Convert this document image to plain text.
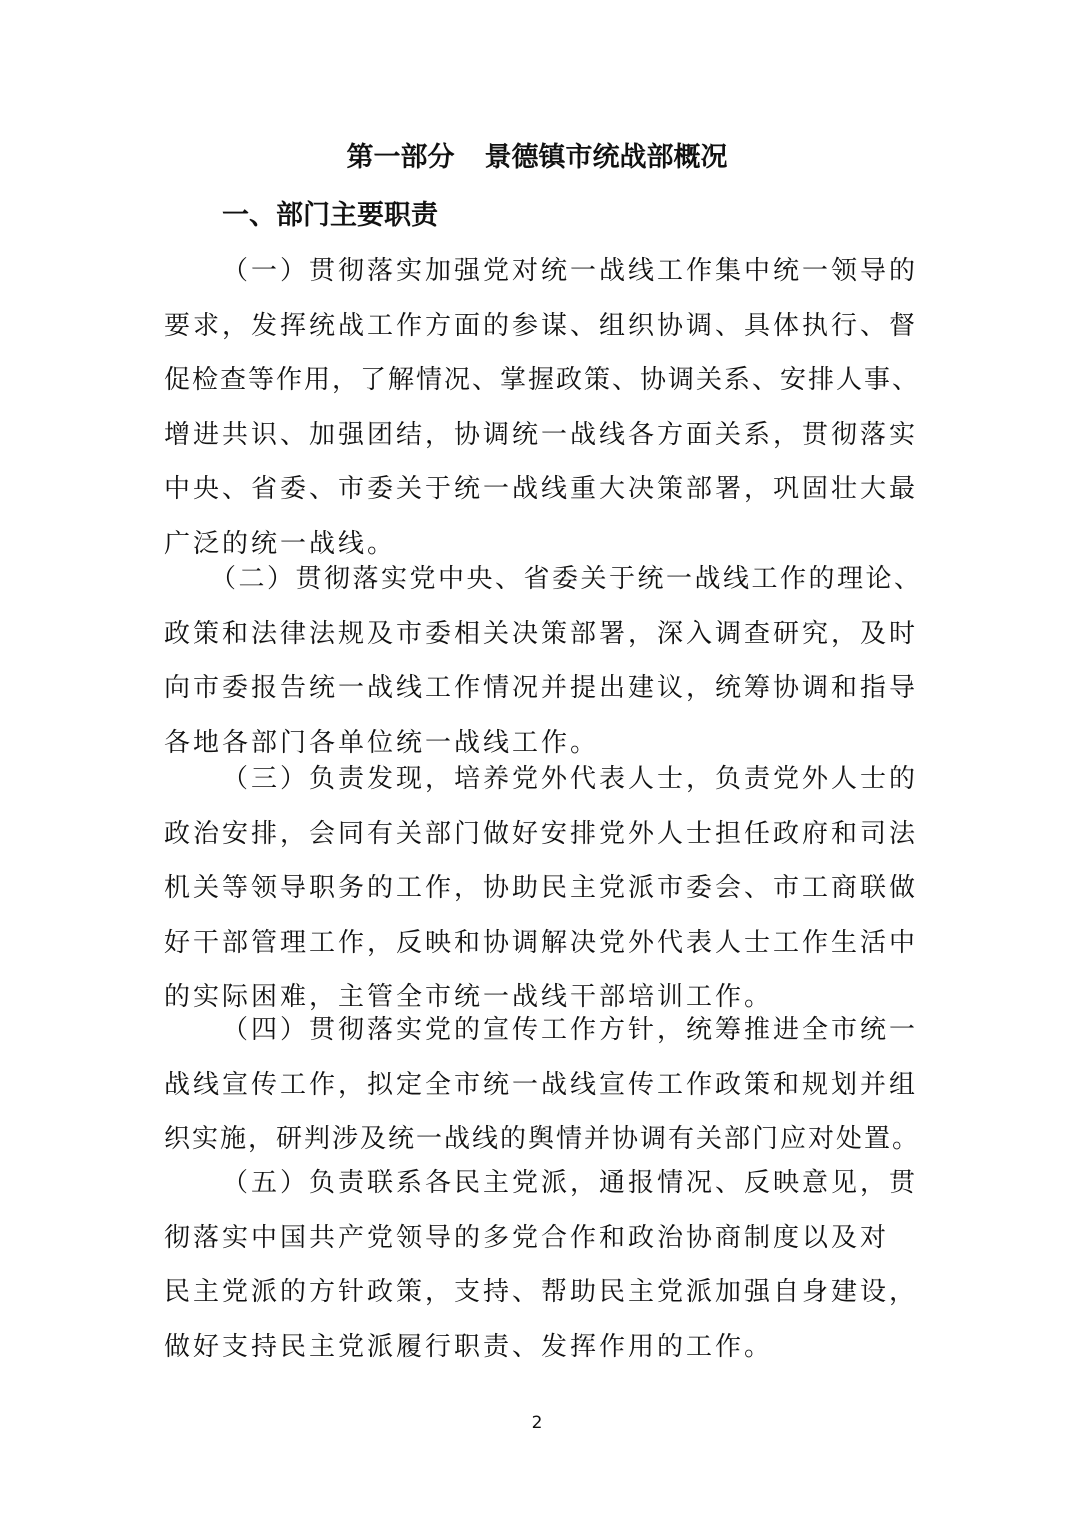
第一部分 景德镇市统战部概况
一、部门主要职责

（一）贯彻落实加强党对统一战线工作集中统一领导的
要求，发挥统战工作方面的参谋、组织协调、具体执行、督
促检查等作用，了解情况、掌握政策、协调关系、安排人事、
增进共识、加强团结，协调统一战线各方面关系，贯彻落实
中央、省委、市委关于统一战线重大决策部署，巩固壮大最
广泛的统一战线。

（二）贯彻落实党中央、省委关于统一战线工作的理论、
政策和法律法规及市委相关决策部署，深入调查研究，及时
向市委报告统一战线工作情况并提出建议，统筹协调和指导
各地各部门各单位统一战线工作。

（三）负责发现，培养党外代表人士，负责党外人士的
政治安排，会同有关部门做好安排党外人士担任政府和司法
机关等领导职务的工作，协助民主党派市委会、市工商联做
好干部管理工作，反映和协调解决党外代表人士工作生活中
的实际困难，主管全市统一战线干部培训工作。

（四）贯彻落实党的宣传工作方针，统筹推进全市统一
战线宣传工作，拟定全市统一战线宣传工作政策和规划并组
织实施，研判涉及统一战线的舆情并协调有关部门应对处置。

（五）负责联系各民主党派，通报情况、反映意见，贯
彻落实中国共产党领导的多党合作和政治协商制度以及对
民主党派的方针政策，支持、帮助民主党派加强自身建设，
做好支持民主党派履行职责、发挥作用的工作。

2
